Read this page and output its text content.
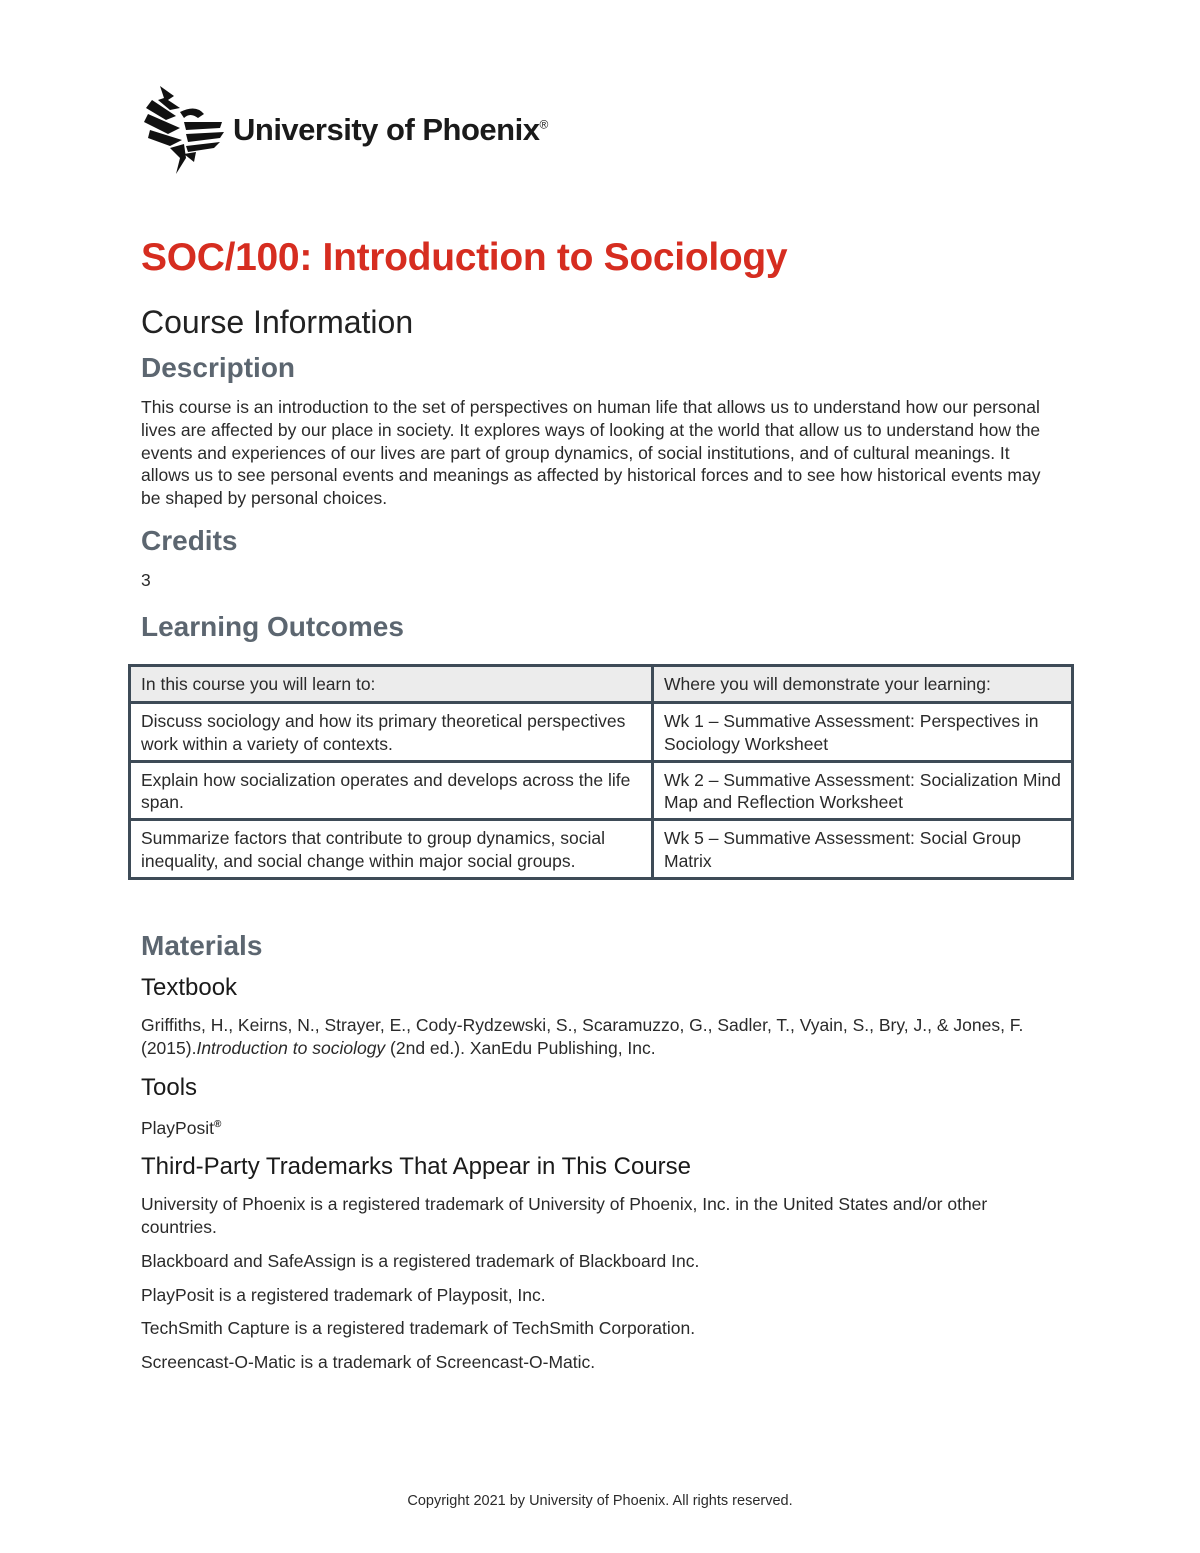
University of Phoenix®
SOC/100: Introduction to Sociology
Course Information
Description

This course is an introduction to the set of perspectives on human life that allows us to understand how our personal lives are affected by our place in society. It explores ways of looking at the world that allow us to understand how the events and experiences of our lives are part of group dynamics, of social institutions, and of cultural meanings. It allows us to see personal events and meanings as affected by historical forces and to see how historical events may be shaped by personal choices.

Credits

3

Learning Outcomes
In this course you will learn to:	Where you will demonstrate your learning:
Discuss sociology and how its primary theoretical perspectives work within a variety of contexts.	Wk 1 – Summative Assessment: Perspectives in Sociology Worksheet
Explain how socialization operates and develops across the life span.	Wk 2 – Summative Assessment: Socialization Mind Map and Reflection Worksheet
Summarize factors that contribute to group dynamics, social inequality, and social change within major social groups.	Wk 5 – Summative Assessment: Social Group Matrix
Materials
Textbook

Griffiths, H., Keirns, N., Strayer, E., Cody-Rydzewski, S., Scaramuzzo, G., Sadler, T., Vyain, S., Bry, J., & Jones, F. (2015).Introduction to sociology (2nd ed.). XanEdu Publishing, Inc.

Tools

PlayPosit®

Third-Party Trademarks That Appear in This Course

University of Phoenix is a registered trademark of University of Phoenix, Inc. in the United States and/or other countries.

Blackboard and SafeAssign is a registered trademark of Blackboard Inc.

PlayPosit is a registered trademark of Playposit, Inc.

TechSmith Capture is a registered trademark of TechSmith Corporation.

Screencast-O-Matic is a trademark of Screencast-O-Matic.

Copyright 2021 by University of Phoenix. All rights reserved.
